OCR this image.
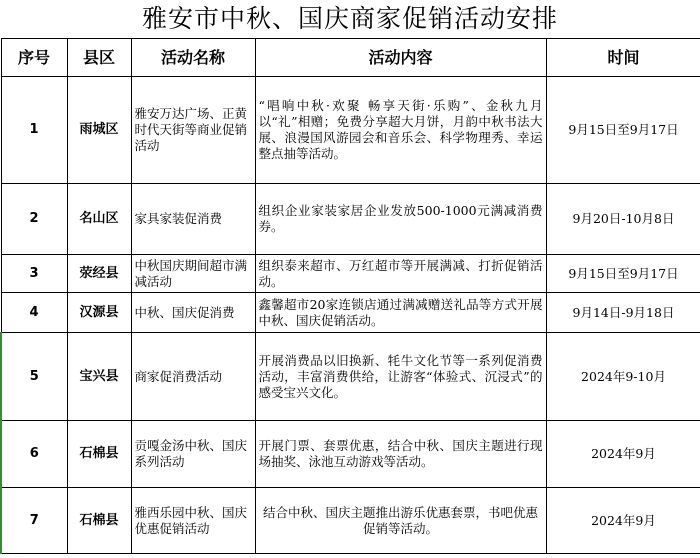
雅安市中秋、国庆商家促销活动安排
序号	县区	活动名称	活动内容	时间
1	雨城区	雅安万达广场、正黄时代天街等商业促销活动	“唱响中秋·欢聚 畅享天街·乐购”、金秋九月以“礼”相赠；免费分享超大月饼，月韵中秋书法大展、浪漫国风游园会和音乐会、科学物理秀、幸运整点抽等活动。	9月15日至9月17日
2	名山区	家具家装促消费	组织企业家装家居企业发放500-1000元满减消费券。	9月20日-10月8日
3	荥经县	中秋国庆期间超市满减活动	组织泰来超市、万红超市等开展满减、打折促销活动。	9月15日至9月17日
4	汉源县	中秋、国庆促消费	鑫馨超市20家连锁店通过满减赠送礼品等方式开展中秋、国庆促销活动。	9月14日-9月18日
5	宝兴县	商家促消费活动	开展消费品以旧换新、牦牛文化节等一系列促消费活动，丰富消费供给，让游客“体验式、沉浸式”的感受宝兴文化。	2024年9-10月
6	石棉县	贡嘎金汤中秋、国庆系列活动	开展门票、套票优惠，结合中秋、国庆主题进行现场抽奖、泳池互动游戏等活动。	2024年9月
7	石棉县	雅西乐园中秋、国庆优惠促销活动	结合中秋、国庆主题推出游乐优惠套票，书吧优惠促销等活动。	2024年9月
